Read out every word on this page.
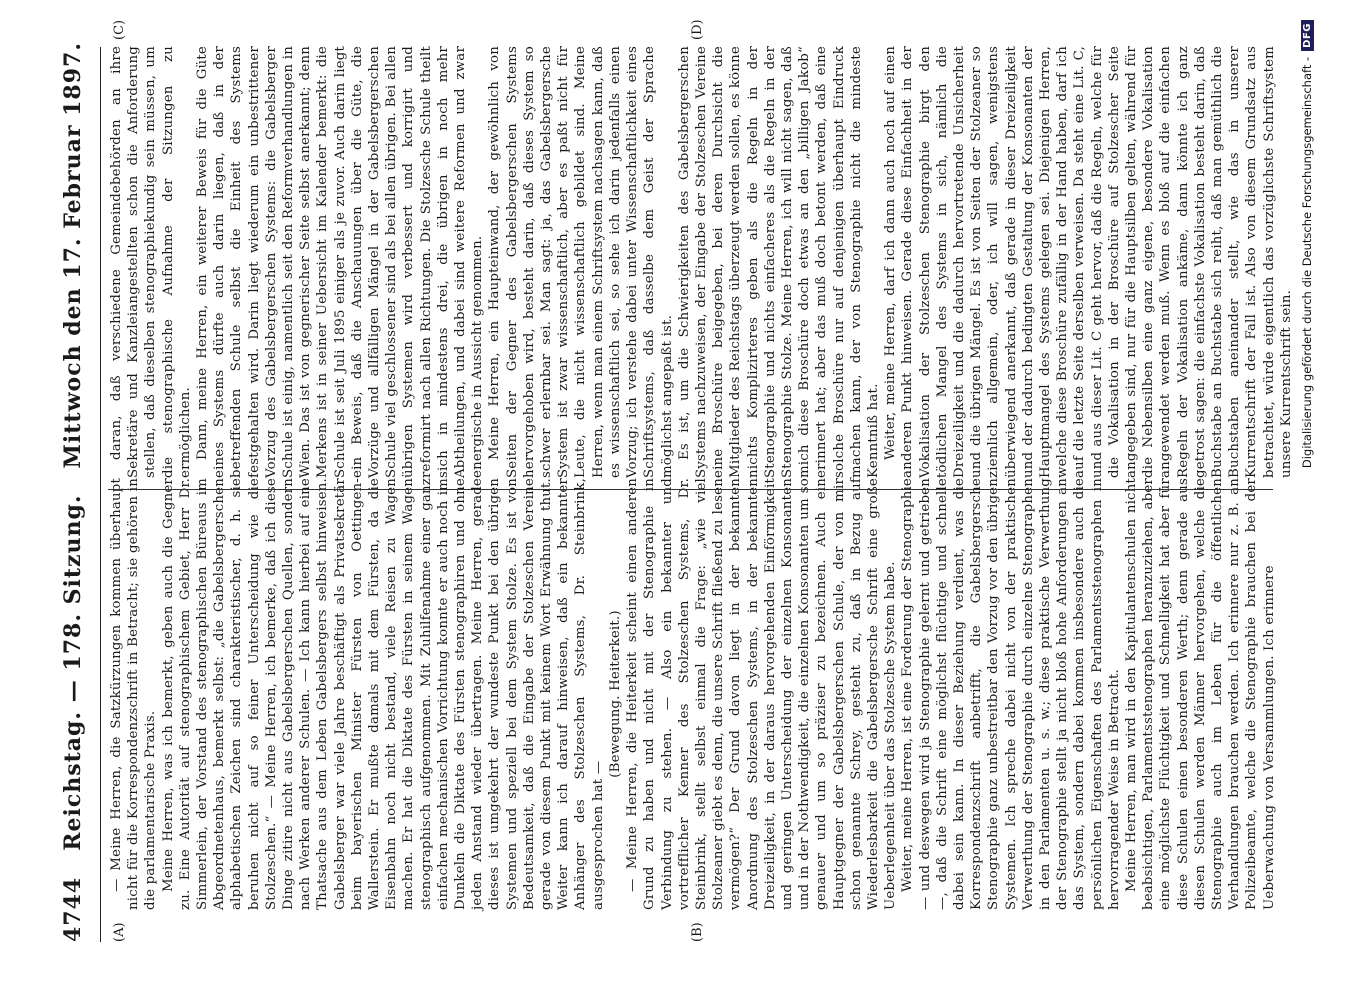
4744
Reichstag. — 178. Sitzung.
Mittwoch den 17. Februar 1897.
(A)	(B)
(C)	(D)

— Meine Herren, die Satzkürzungen kommen überhaupt nicht für die Korrespondenzschrift in Betracht; sie gehören in die parlamentarische Praxis. Meine Herren, was ich bemerkt, geben auch die Gegner zu. Eine Autorität auf stenographischem Gebiet, Herr Dr. Simmerlein, der Vorstand des stenographischen Büreaus im Abgeordnetenhaus, bemerkt selbst: „die Gabelsbergerschen alphabetischen Zeichen sind charakteristischer, d. h. sie beruhen nicht auf so feiner Unterscheidung wie die Stolzeschen.“ — Meine Herren, ich bemerke, daß ich diese Dinge zitire nicht aus Gabelsbergerschen Quellen, sondern nach Werken anderer Schulen. — Ich kann hierbei auf eine Thatsache aus dem Leben Gabelsbergers selbst hinweisen. Gabelsberger war viele Jahre beschäftigt als Privatsekretär beim bayerischen Minister Fürsten von Oettingen-Wallerstein. Er mußte damals mit dem Fürsten, da die Eisenbahn noch nicht bestand, viele Reisen zu Wagen machen. Er hat die Diktate des Fürsten in seinem Wagen stenographisch aufgenommen. Mit Zuhilfenahme einer ganz einfachen mechanischen Vorrichtung konnte er auch noch im Dunkeln die Diktate des Fürsten stenographiren und ohne jeden Anstand wieder übertragen. Meine Herren, gerade dieses ist umgekehrt der wundeste Punkt bei den übrigen Systemen und speziell bei dem System Stolze. Es ist von Bedeutsamkeit, daß die Eingabe der Stolzeschen Vereine gerade von diesem Punkt mit keinem Wort Erwähnung thut. Weiter kann ich darauf hinweisen, daß ein bekannter Anhänger des Stolzeschen Systems, Dr. Steinbrink, ausgesprochen hat —

(Bewegung. Heiterkeit.) — Meine Herren, die Heiterkeit scheint einen anderen Grund zu haben und nicht mit der Stenographie in Verbindung zu stehen. — Also ein bekannter und vortrefflicher Kenner des Stolzeschen Systems, Dr. Steinbrink, stellt selbst einmal die Frage: „wie viel Stolzeaner giebt es denn, die unsere Schrift fließend zu lesen vermögen?“ Der Grund davon liegt in der bekannten Anordnung des Stolzeschen Systems, in der bekannten Dreizeiligkeit, in der daraus hervorgehenden Einförmigkeit und geringen Unterscheidung der einzelnen Konsonanten und in der Nothwendigkeit, die einzelnen Konsonanten um so genauer und um so präziser zu bezeichnen. Auch ein Hauptgegner der Gabelsbergerschen Schule, der von mir schon genannte Schrey, gesteht zu, daß in Bezug auf Wiederlesbarkeit die Gabelsbergersche Schrift eine große Ueberlegenheit über das Stolzesche System habe. Weiter, meine Herren, ist eine Forderung der Stenographie — und deswegen wird ja Stenographie gelernt und getrieben —, daß die Schrift eine möglichst flüchtige und schnelle dabei sein kann. In dieser Beziehung verdient, was die Korrespondenzschrift anbetrifft, die Gabelsbergersche Stenographie ganz unbestreitbar den Vorzug vor den übrigen Systemen. Ich spreche dabei nicht von der praktischen Verwerthung der Stenographie durch einzelne Stenographen in den Parlamenten u. s. w.; diese praktische Verwerthung der Stenographie stellt ja nicht bloß hohe Anforderungen an das System, sondern dabei kommen insbesondere auch die persönlichen Eigenschaften des Parlamentsstenographen in hervorragender Weise in Betracht. Meine Herren, man wird in den Kapitulantenschulen nicht beabsichtigen, Parlamentsstenographen heranzuziehen, aber eine möglichste Flüchtigkeit und Schnelligkeit hat aber für diese Schulen einen besonderen Werth; denn gerade aus diesen Schulen werden Männer hervorgehen, welche die Stenographie auch im Leben für die öffentlichen Verhandlungen brauchen werden. Ich erinnere nur z. B. an Polizeibeamte, welche die Stenographie brauchen bei der Ueberwachung von Versammlungen. Ich erinnere

daran, daß verschiedene Gemeindebehörden an ihre Sekretäre und Kanzleiangestellten schon die Anforderung stellen, daß dieselben stenographiekundig sein müssen, um die stenographische Aufnahme der Sitzungen zu ermöglichen. Dann, meine Herren, ein weiterer Beweis für die Güte eines Systems dürfte auch darin liegen, daß in der betreffenden Schule selbst die Einheit des Systems festgehalten wird. Darin liegt wiederum ein unbestrittener Vorzug des Gabelsbergerschen Systems: die Gabelsberger Schule ist einig, namentlich seit den Reformverhandlungen in Wien. Das ist von gegnerischer Seite selbst anerkannt; denn Merkens ist in seiner Uebersicht im Kalender bemerkt: die Schule ist seit Juli 1895 einiger als je zuvor. Auch darin liegt ein Beweis, daß die Anschauungen über die Güte, die Vorzüge und allfälligen Mängel in der Gabelsbergerschen Schule viel geschlossener sind als bei allen übrigen. Bei allen übrigen Systemen wird verbessert und korrigirt und reformirt nach allen Richtungen. Die Stolzesche Schule theilt sich in mindestens drei, die übrigen in noch mehr Abtheilungen, und dabei sind weitere Reformen und zwar energische in Aussicht genommen. Meine Herren, ein Haupteinwand, der gewöhnlich von Seiten der Gegner des Gabelsbergerschen Systems hervorgehoben wird, besteht darin, daß dieses System so schwer erlernbar sei. Man sagt: ja, das Gabelsbergersche System ist zwar wissenschaftlich, aber es paßt nicht für Leute, die nicht wissenschaftlich gebildet sind. Meine Herren, wenn man einem Schriftsystem nachsagen kann, daß es wissenschaftlich sei, so sehe ich darin jedenfalls einen Vorzug; ich verstehe dabei unter Wissenschaftlichkeit eines Schriftsystems, daß dasselbe dem Geist der Sprache möglichst angepaßt ist. Es ist, um die Schwierigkeiten des Gabelsbergerschen Systems nachzuweisen, der Eingabe der Stolzeschen Vereine eine Broschüre beigegeben, bei deren Durchsicht die Mitglieder des Reichstags überzeugt werden sollen, es könne nichts Komplizirteres geben als die Regeln in der Stenographie und nichts einfacheres als die Regeln in der Stenographie Stolze. Meine Herren, ich will nicht sagen, daß mich diese Broschüre doch etwas an den „billigen Jakob“ erinnert hat; aber das muß doch betont werden, daß eine solche Broschüre nur auf denjenigen überhaupt Eindruck machen kann, der von Stenographie nicht die mindeste Kenntniß hat. Weiter, meine Herren, darf ich dann auch noch auf einen anderen Punkt hinweisen. Gerade diese Einfachheit in der Vokalisation der Stolzeschen Stenographie birgt den tödlichen Mangel des Systems in sich, nämlich die Dreizeiligkeit und die dadurch hervortretende Unsicherheit und die übrigen Mängel. Es ist von Seiten der Stolzeaner so ziemlich allgemein, oder, ich will sagen, wenigstens überwiegend anerkannt, daß gerade in dieser Dreizeiligkeit und der dadurch bedingten Gestaltung der Konsonanten der Hauptmangel des Systems gelegen sei. Diejenigen Herren, welche diese Broschüre zufällig in der Hand haben, darf ich auf die letzte Seite derselben verweisen. Da steht eine Lit. C, und aus dieser Lit. C geht hervor, daß die Regeln, welche für die Vokalisation in der Broschüre auf Stolzescher Seite angegeben sind, nur für die Hauptsilben gelten, während für die Nebensilben eine ganz eigene, besondere Vokalisation angewendet werden muß. Wenn es bloß auf die einfachen Regeln der Vokalisation ankäme, dann könnte ich ganz getrost sagen: die einfachste Vokalisation besteht darin, daß Buchstabe an Buchstabe sich reiht, daß man gemüthlich die Buchstaben aneinander stellt, wie das in unserer Kurrentschrift der Fall ist. Also von diesem Grundsatz aus betrachtet, würde eigentlich das vorzüglichste Schriftsystem unsere Kurrentschrift sein. Digitalisierung gefördert durch die Deutsche Forschungsgemeinschaft -
DFG
